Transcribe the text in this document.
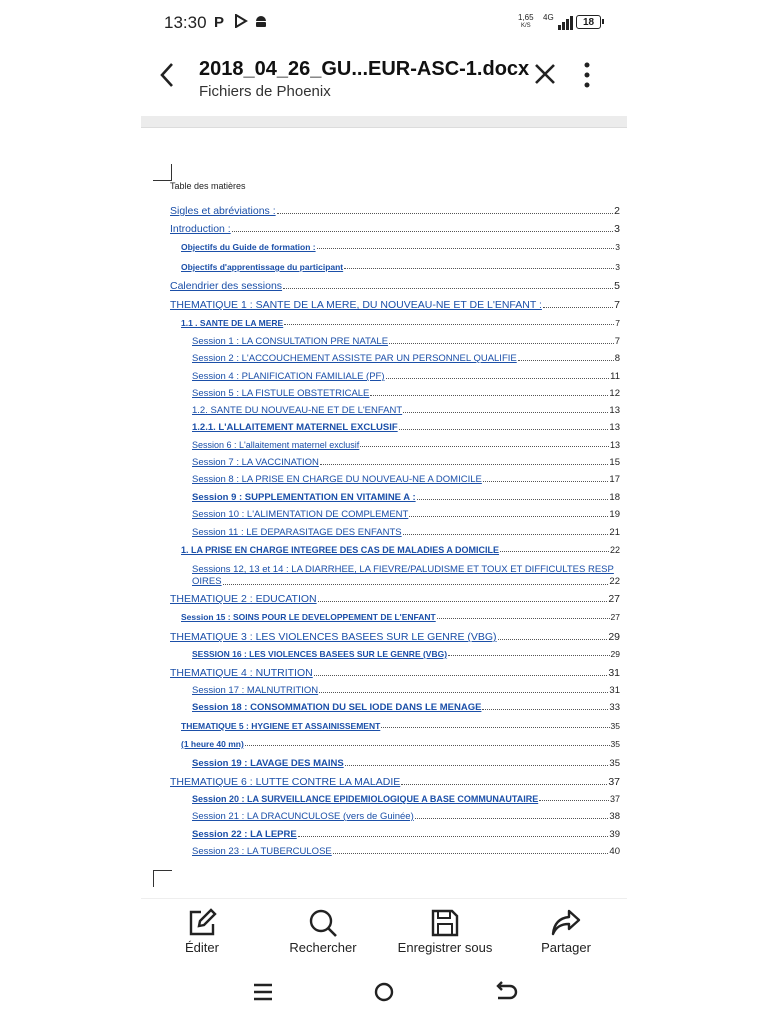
13:30 P	1,65
K/S
4G	18
2018_04_26_GU...EUR-ASC-1.docx
Fichiers de Phoenix
Table des matières
Sigles et abréviations :	2
Introduction :	3
Objectifs du Guide de formation :	3
Objectifs d'apprentissage du participant	3
Calendrier des sessions	5
THEMATIQUE 1 : SANTE DE LA MERE, DU NOUVEAU-NE ET DE L'ENFANT :	7
1.1 . SANTE DE LA MERE	7
Session 1 : LA CONSULTATION PRE NATALE	7
Session 2 : L'ACCOUCHEMENT ASSISTE PAR UN PERSONNEL QUALIFIE	8
Session 4 : PLANIFICATION FAMILIALE (PF)	11
Session 5 : LA FISTULE OBSTETRICALE	12
1.2. SANTE DU NOUVEAU-NE ET DE L'ENFANT	13
1.2.1. L'ALLAITEMENT MATERNEL EXCLUSIF	13
Session 6 : L'allaitement maternel exclusif	13
Session 7 : LA VACCINATION	15
Session 8 : LA PRISE EN CHARGE DU NOUVEAU-NE A DOMICILE	17
Session 9 : SUPPLEMENTATION EN VITAMINE A :	18
Session 10 : L'ALIMENTATION DE COMPLEMENT	19
Session 11 : LE DEPARASITAGE DES ENFANTS	21
1. LA PRISE EN CHARGE INTEGREE DES CAS DE MALADIES A DOMICILE	22
Sessions 12, 13 et 14 : LA DIARRHEE, LA FIEVRE/PALUDISME ET TOUX ET DIFFICULTES RESP
OIRES	22
THEMATIQUE 2 : EDUCATION	27
Session 15 : SOINS POUR LE DEVELOPPEMENT DE L'ENFANT	27
THEMATIQUE 3 : LES VIOLENCES BASEES SUR LE GENRE (VBG)	29
SESSION 16 : LES VIOLENCES BASEES SUR LE GENRE (VBG)	29
THEMATIQUE 4 : NUTRITION	31
Session 17 : MALNUTRITION	31
Session 18 : CONSOMMATION DU SEL IODE DANS LE MENAGE	33
THEMATIQUE 5 : HYGIENE ET ASSAINISSEMENT	35
(1 heure 40 mn)	35
Session 19 : LAVAGE DES MAINS	35
THEMATIQUE 6 : LUTTE CONTRE LA MALADIE	37
Session 20 : LA SURVEILLANCE EPIDEMIOLOGIQUE A BASE COMMUNAUTAIRE	37
Session 21 : LA DRACUNCULOSE (vers de Guinée)	38
Session 22 : LA LEPRE	39
Session 23 : LA TUBERCULOSE	40
Éditer	Rechercher	Enregistrer sous	Partager
